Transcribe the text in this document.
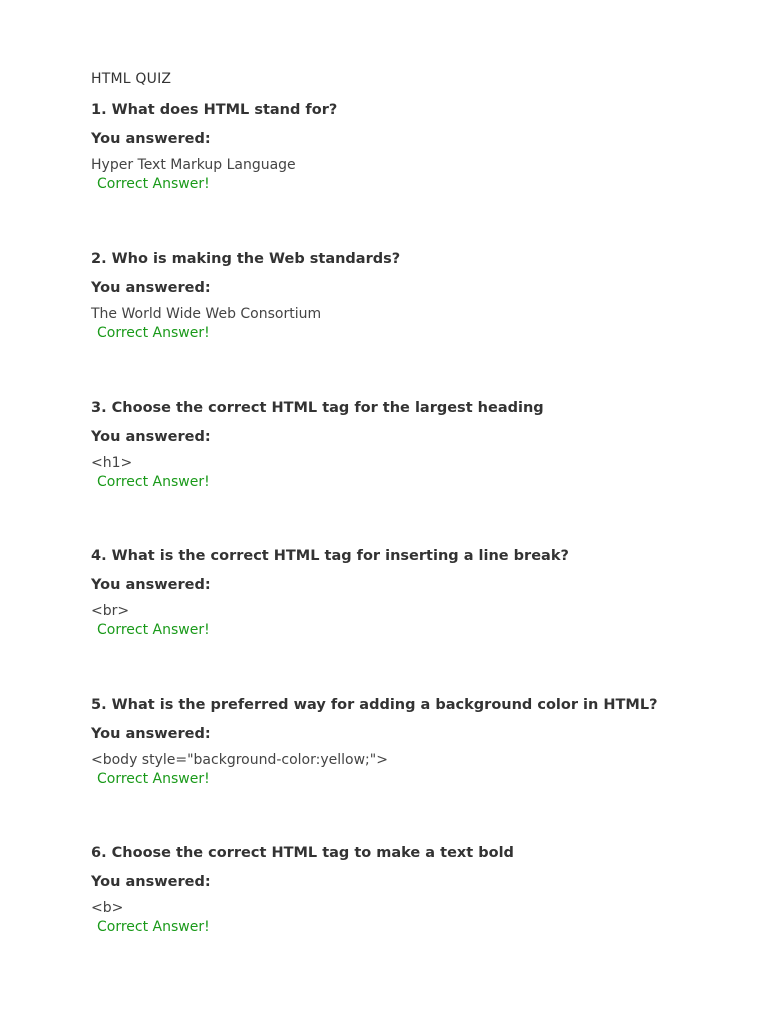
HTML QUIZ
1. What does HTML stand for?
You answered:
Hyper Text Markup Language
Correct Answer!
2. Who is making the Web standards?
You answered:
The World Wide Web Consortium
Correct Answer!
3. Choose the correct HTML tag for the largest heading
You answered:
<h1>
Correct Answer!
4. What is the correct HTML tag for inserting a line break?
You answered:
<br>
Correct Answer!
5. What is the preferred way for adding a background color in HTML?
You answered:
<body style="background-color:yellow;">
Correct Answer!
6. Choose the correct HTML tag to make a text bold
You answered:
<b>
Correct Answer!
